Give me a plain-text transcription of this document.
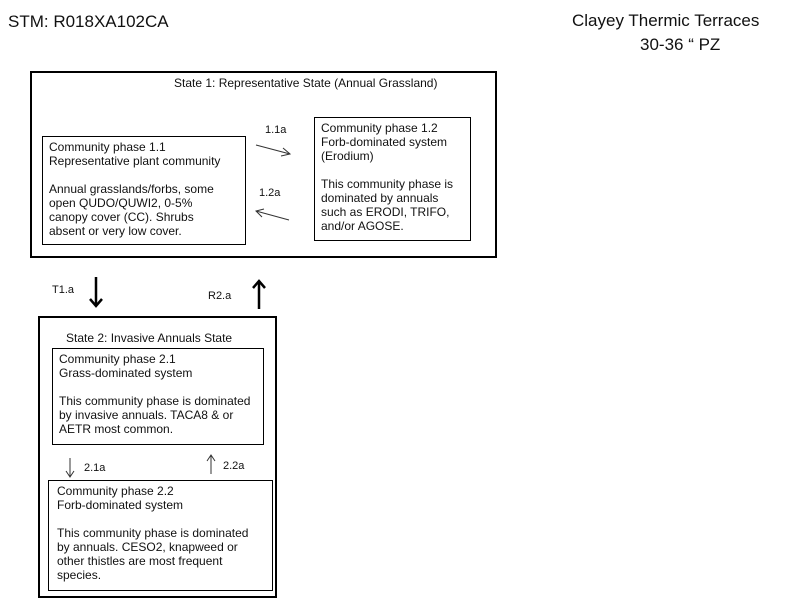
STM: R018XA102CA	Clayey Thermic Terraces
30-36 “ PZ
State 1: Representative State (Annual Grassland)
Community phase 1.1
Representative plant community
Annual grasslands/forbs, some
open QUDO/QUWI2, 0-5%
canopy cover (CC). Shrubs
absent or very low cover.
Community phase 1.2
Forb-dominated system
(Erodium)
This community phase is
dominated by annuals
such as ERODI, TRIFO,
and/or AGOSE.
1.1a
1.2a
T1.a	R2.a
State 2: Invasive Annuals State
Community phase 2.1
Grass-dominated system
This community phase is dominated
by invasive annuals. TACA8 & or
AETR most common.
Community phase 2.2
Forb-dominated system
This community phase is dominated
by annuals. CESO2, knapweed or
other thistles are most frequent
species.
2.1a	2.2a
